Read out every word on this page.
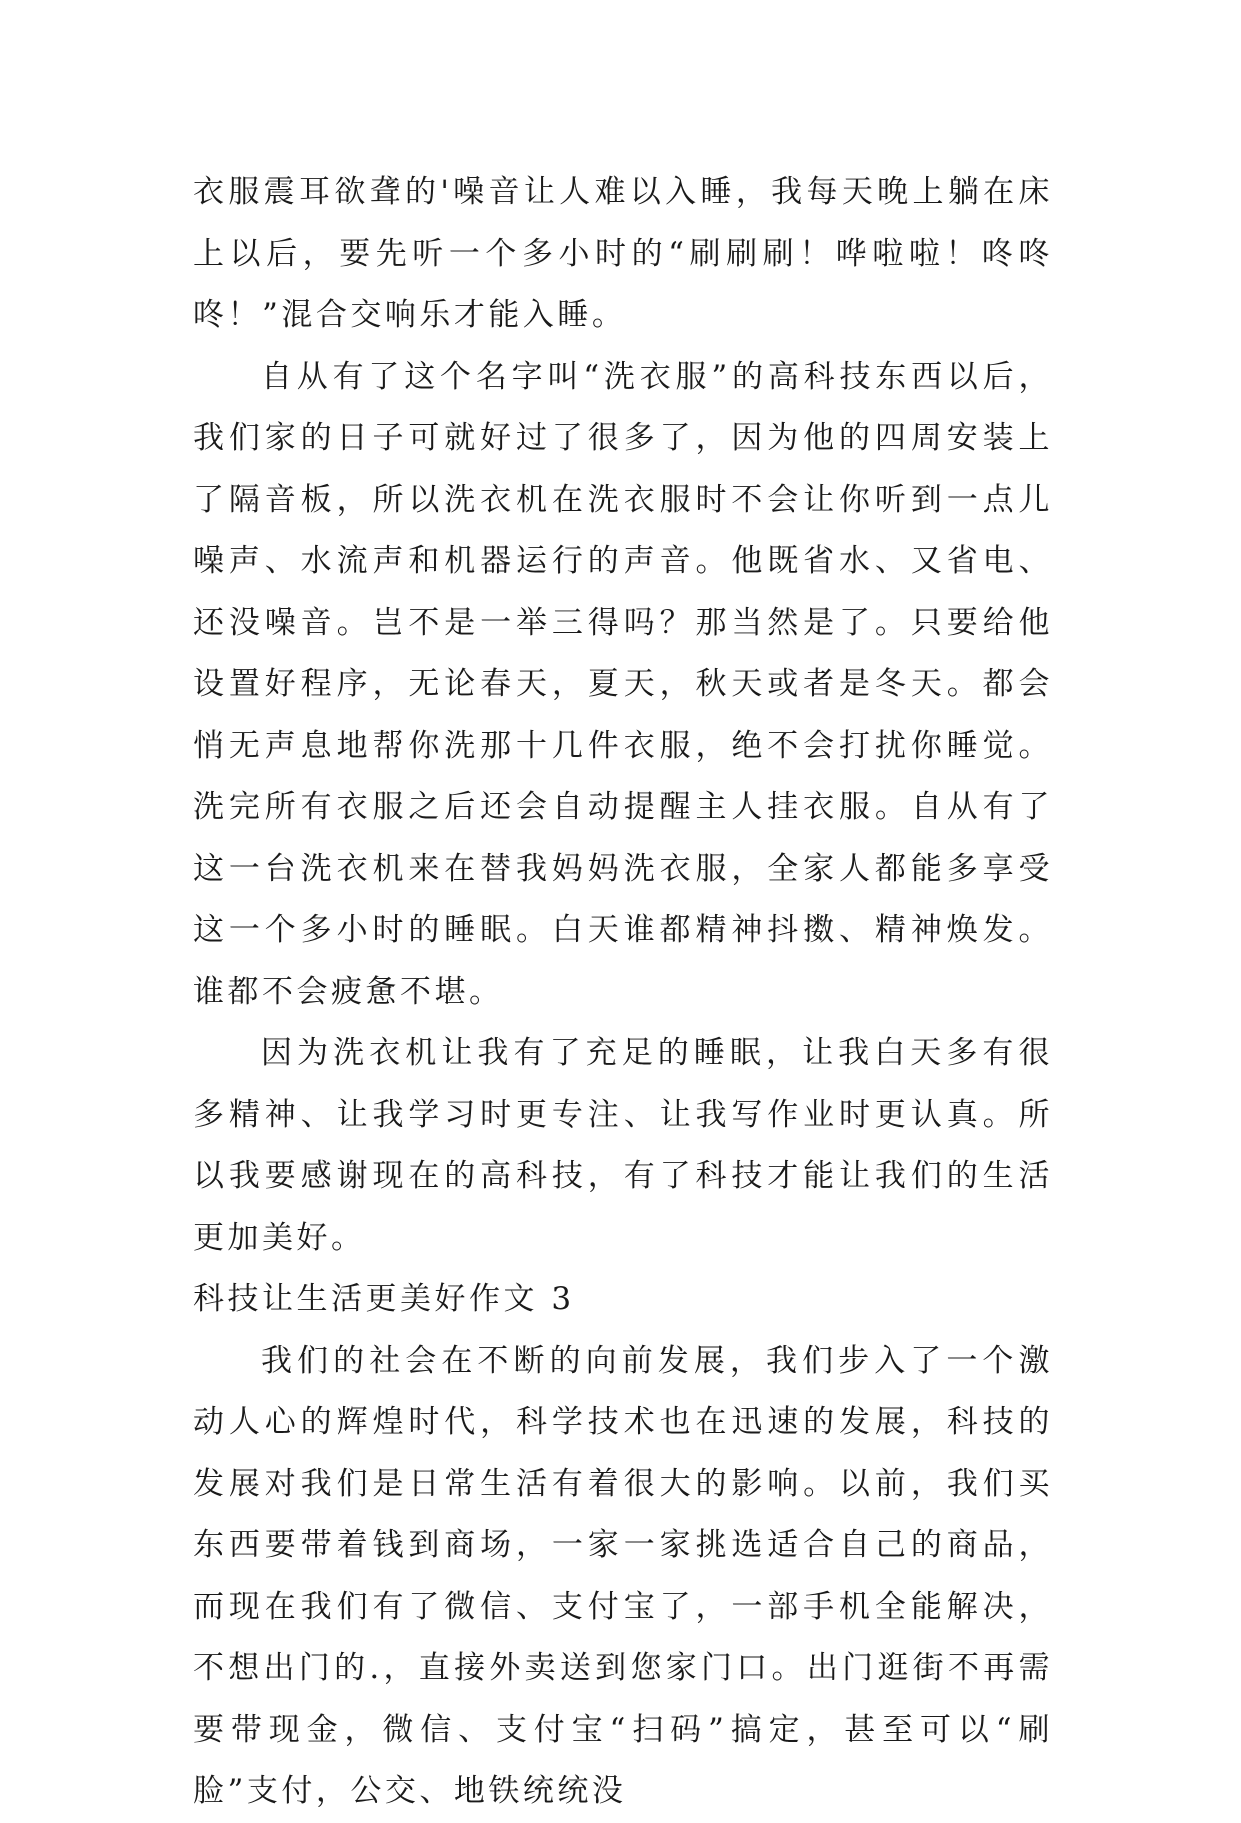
衣服震耳欲聋的'噪音让人难以入睡，我每天晚上躺在床上以后，要先听一个多小时的“刷刷刷！哗啦啦！咚咚咚！”混合交响乐才能入睡。

自从有了这个名字叫“洗衣服”的高科技东西以后，我们家的日子可就好过了很多了，因为他的四周安装上了隔音板，所以洗衣机在洗衣服时不会让你听到一点儿噪声、水流声和机器运行的声音。他既省水、又省电、还没噪音。岂不是一举三得吗？那当然是了。只要给他设置好程序，无论春天，夏天，秋天或者是冬天。都会悄无声息地帮你洗那十几件衣服，绝不会打扰你睡觉。洗完所有衣服之后还会自动提醒主人挂衣服。自从有了这一台洗衣机来在替我妈妈洗衣服，全家人都能多享受这一个多小时的睡眠。白天谁都精神抖擞、精神焕发。谁都不会疲惫不堪。

因为洗衣机让我有了充足的睡眠，让我白天多有很多精神、让我学习时更专注、让我写作业时更认真。所以我要感谢现在的高科技，有了科技才能让我们的生活更加美好。

科技让生活更美好作文 3

我们的社会在不断的向前发展，我们步入了一个激动人心的辉煌时代，科学技术也在迅速的发展，科技的发展对我们是日常生活有着很大的影响。以前，我们买东西要带着钱到商场，一家一家挑选适合自己的商品，而现在我们有了微信、支付宝了，一部手机全能解决，不想出门的.，直接外卖送到您家门口。出门逛街不再需要带现金，微信、支付宝“扫码”搞定，甚至可以“刷脸”支付，公交、地铁统统没
